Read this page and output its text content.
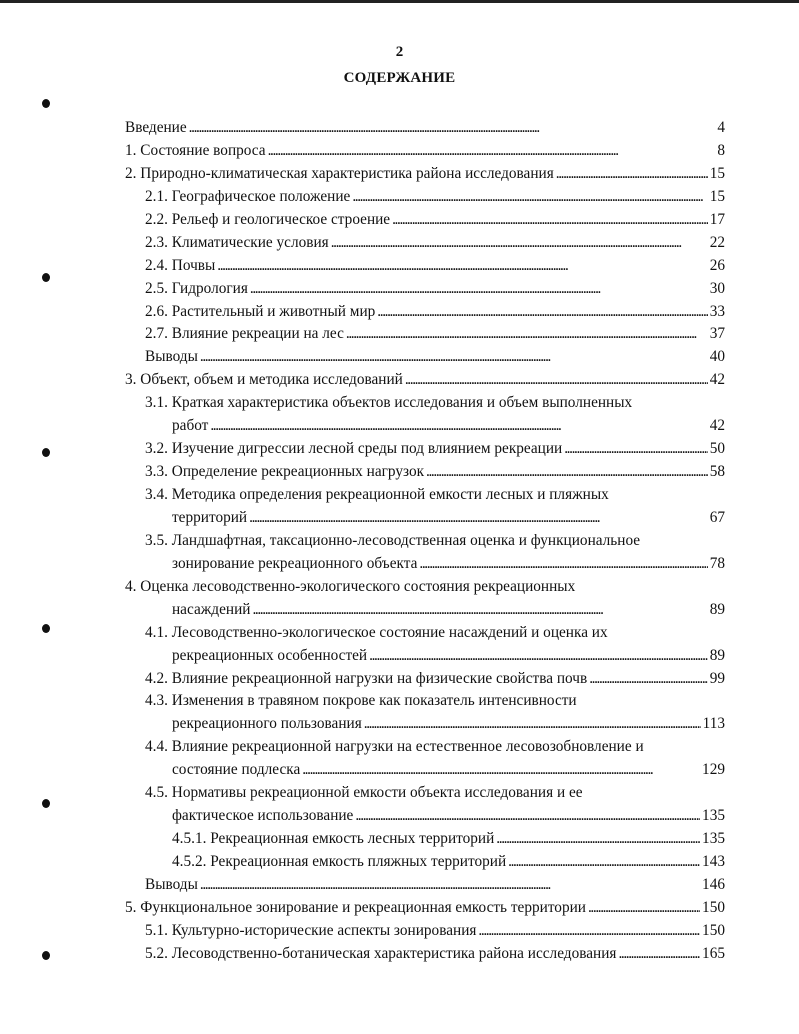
2
СОДЕРЖАНИЕ
Введение . . .	4
1. Состояние вопроса . . .	8
2. Природно-климатическая характеристика района исследования . . .	15
2.1. Географическое положение . . .	15
2.2. Рельеф и геологическое строение . . .	17
2.3. Климатические условия . . .	22
2.4. Почвы . . .	26
2.5. Гидрология . . .	30
2.6. Растительный и животный мир . . .	33
2.7. Влияние рекреации на лес . . .	37
Выводы . . .	40
3. Объект, объем и методика исследований . . .	42
3.1. Краткая характеристика объектов исследования и объем выполненных
работ . . .	42
3.2. Изучение дигрессии лесной среды под влиянием рекреации . . .	50
3.3. Определение рекреационных нагрузок . . .	58
3.4. Методика определения рекреационной емкости лесных и пляжных
территорий . . .	67
3.5. Ландшафтная, таксационно-лесоводственная оценка и функциональное
зонирование рекреационного объекта . . .	78
4. Оценка лесоводственно-экологического состояния рекреационных
насаждений . . .	89
4.1. Лесоводственно-экологическое состояние насаждений и оценка их
рекреационных особенностей . . .	89
4.2. Влияние рекреационной нагрузки на физические свойства почв . . .	99
4.3. Изменения в травяном покрове как показатель интенсивности
рекреационного пользования . . .	113
4.4. Влияние рекреационной нагрузки на естественное лесовозобновление и
состояние подлеска . . .	129
4.5. Нормативы рекреационной емкости объекта исследования и ее
фактическое использование . . .	135
4.5.1. Рекреационная емкость лесных территорий . . .	135
4.5.2. Рекреационная емкость пляжных территорий . . .	143
Выводы . . .	146
5. Функциональное зонирование и рекреационная емкость территории . . .	150
5.1. Культурно-исторические аспекты зонирования . . .	150
5.2. Лесоводственно-ботаническая характеристика района исследования . . .	165
